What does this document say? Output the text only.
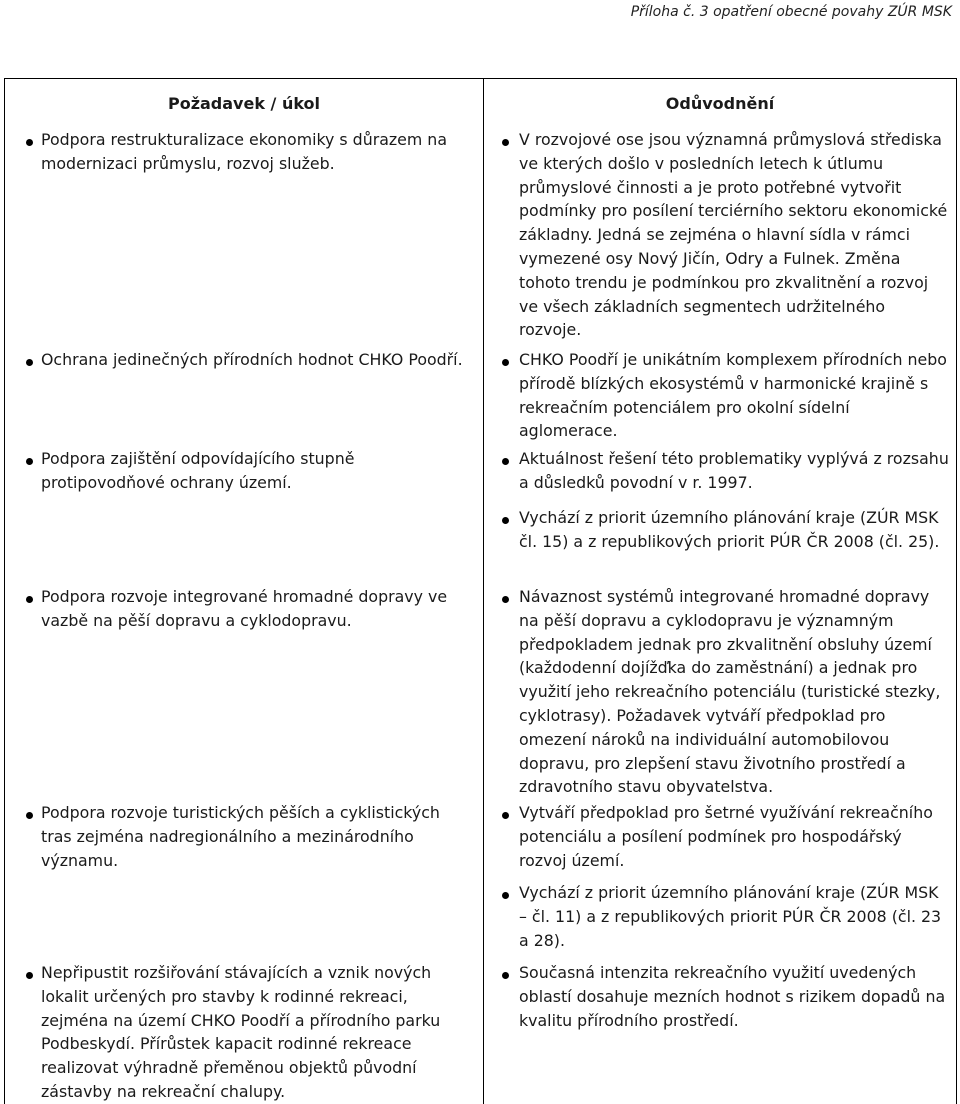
Příloha č. 3 opatření obecné povahy ZÚR MSK
Požadavek / úkol	Odůvodnění
Podpora restrukturalizace ekonomiky s důrazem na modernizaci průmyslu, rozvoj služeb.
Ochrana jedinečných přírodních hodnot CHKO Poodří.
Podpora zajištění odpovídajícího stupně protipovodňové ochrany území.
Podpora rozvoje integrované hromadné dopravy ve vazbě na pěší dopravu a cyklodopravu.
Podpora rozvoje turistických pěších a cyklistických tras zejména nadregionálního a mezinárodního významu.
Nepřipustit rozšiřování stávajících a vznik nových lokalit určených pro stavby k rodinné rekreaci, zejména na území CHKO Poodří a přírodního parku Podbeskydí. Přírůstek kapacit rodinné rekreace realizovat výhradně přeměnou objektů původní zástavby na rekreační chalupy.
V rozvojové ose jsou významná průmyslová střediska ve kterých došlo v posledních letech k útlumu průmyslové činnosti a je proto potřebné vytvořit podmínky pro posílení terciérního sektoru ekonomické základny. Jedná se zejména o hlavní sídla v rámci vymezené osy Nový Jičín, Odry a Fulnek. Změna tohoto trendu je podmínkou pro zkvalitnění a rozvoj ve všech základních segmentech udržitelného rozvoje.
CHKO Poodří je unikátním komplexem přírodních nebo přírodě blízkých ekosystémů v harmonické krajině s rekreačním potenciálem pro okolní sídelní aglomerace.
Aktuálnost řešení této problematiky vyplývá z rozsahu a důsledků povodní v r. 1997.
Vychází z priorit územního plánování kraje (ZÚR MSK čl. 15) a z republikových priorit PÚR ČR 2008 (čl. 25).
Návaznost systémů integrované hromadné dopravy na pěší dopravu a cyklodopravu je významným předpokladem jednak pro zkvalitnění obsluhy území (každodenní dojížďka do zaměstnání) a jednak pro využití jeho rekreačního potenciálu (turistické stezky, cyklotrasy). Požadavek vytváří předpoklad pro omezení nároků na individuální automobilovou dopravu, pro zlepšení stavu životního prostředí a zdravotního stavu obyvatelstva.
Vytváří předpoklad pro šetrné využívání rekreačního potenciálu a posílení podmínek pro hospodářský rozvoj území.
Vychází z priorit územního plánování kraje (ZÚR MSK – čl. 11) a z republikových priorit PÚR ČR 2008 (čl. 23 a 28).
Současná intenzita rekreačního využití uvedených oblastí dosahuje mezních hodnot s rizikem dopadů na kvalitu přírodního prostředí.
